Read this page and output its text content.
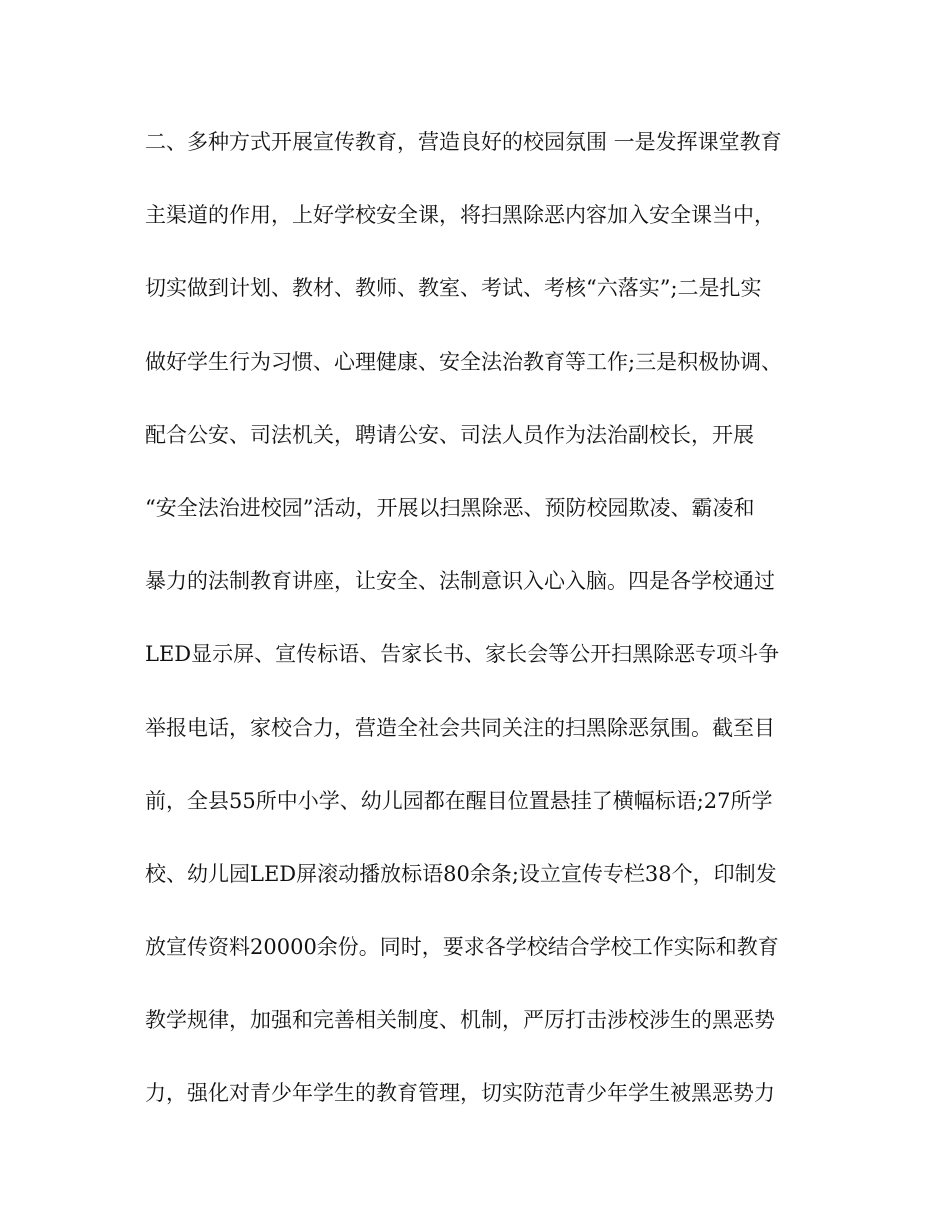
二、多种方式开展宣传教育，营造良好的校园氛围 一是发挥课堂教育
主渠道的作用，上好学校安全课，将扫黑除恶内容加入安全课当中，
切实做到计划、教材、教师、教室、考试、考核“六落实”;二是扎实
做好学生行为习惯、心理健康、安全法治教育等工作;三是积极协调、
配合公安、司法机关，聘请公安、司法人员作为法治副校长，开展
“安全法治进校园”活动，开展以扫黑除恶、预防校园欺凌、霸凌和
暴力的法制教育讲座，让安全、法制意识入心入脑。四是各学校通过
LED显示屏、宣传标语、告家长书、家长会等公开扫黑除恶专项斗争
举报电话，家校合力，营造全社会共同关注的扫黑除恶氛围。截至目
前，全县55所中小学、幼儿园都在醒目位置悬挂了横幅标语;27所学
校、幼儿园LED屏滚动播放标语80余条;设立宣传专栏38个，印制发
放宣传资料20000余份。同时，要求各学校结合学校工作实际和教育
教学规律，加强和完善相关制度、机制，严厉打击涉校涉生的黑恶势
力，强化对青少年学生的教育管理，切实防范青少年学生被黑恶势力
